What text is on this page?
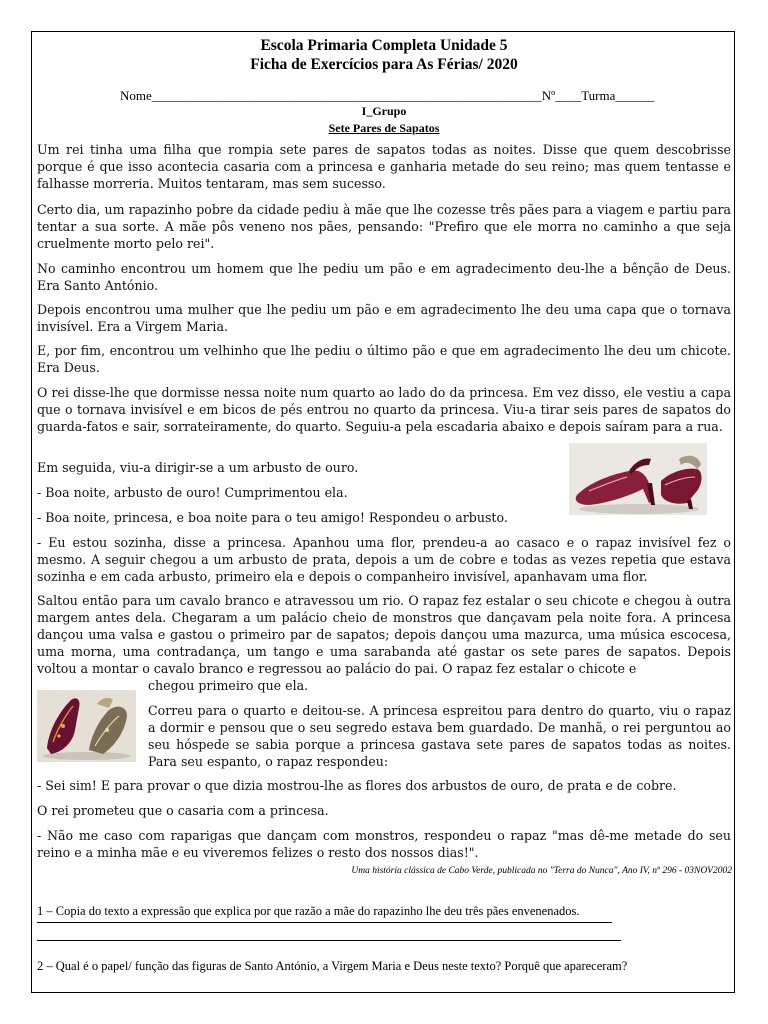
Escola Primaria Completa Unidade 5
Ficha de Exercícios para As Férias/ 2020
Nome____________________________________________________________Nº____Turma______
I_Grupo
Sete Pares de Sapatos

Um rei tinha uma filha que rompia sete pares de sapatos todas as noites. Disse que quem descobrisse porque é que isso acontecia casaria com a princesa e ganharia metade do seu reino; mas quem tentasse e falhasse morreria. Muitos tentaram, mas sem sucesso.

Certo dia, um rapazinho pobre da cidade pediu à mãe que lhe cozesse três pães para a viagem e partiu para tentar a sua sorte. A mãe pôs veneno nos pães, pensando: "Prefiro que ele morra no caminho a que seja cruelmente morto pelo rei".

No caminho encontrou um homem que lhe pediu um pão e em agradecimento deu-lhe a bênção de Deus. Era Santo António.

Depois encontrou uma mulher que lhe pediu um pão e em agradecimento lhe deu uma capa que o tornava invisível. Era a Virgem Maria.

E, por fim, encontrou um velhinho que lhe pediu o último pão e que em agradecimento lhe deu um chicote. Era Deus.

O rei disse-lhe que dormisse nessa noite num quarto ao lado do da princesa. Em vez disso, ele vestiu a capa que o tornava invisível e em bicos de pés entrou no quarto da princesa. Viu-a tirar seis pares de sapatos do guarda-fatos e sair, sorrateiramente, do quarto. Seguiu-a pela escadaria abaixo e depois saíram para a rua.

Em seguida, viu-a dirigir-se a um arbusto de ouro.

- Boa noite, arbusto de ouro! Cumprimentou ela.

- Boa noite, princesa, e boa noite para o teu amigo! Respondeu o arbusto.

- Eu estou sozinha, disse a princesa. Apanhou uma flor, prendeu-a ao casaco e o rapaz invisível fez o mesmo. A seguir chegou a um arbusto de prata, depois a um de cobre e todas as vezes repetia que estava sozinha e em cada arbusto, primeiro ela e depois o companheiro invisível, apanhavam uma flor.

Saltou então para um cavalo branco e atravessou um rio. O rapaz fez estalar o seu chicote e chegou à outra margem antes dela. Chegaram a um palácio cheio de monstros que dançavam pela noite fora. A princesa dançou uma valsa e gastou o primeiro par de sapatos; depois dançou uma mazurca, uma música escocesa, uma morna, uma contradança, um tango e uma sarabanda até gastar os sete pares de sapatos. Depois voltou a montar o cavalo branco e regressou ao palácio do pai. O rapaz fez estalar o chicote e

chegou primeiro que ela.

Correu para o quarto e deitou-se. A princesa espreitou para dentro do quarto, viu o rapaz a dormir e pensou que o seu segredo estava bem guardado. De manhã, o rei perguntou ao seu hóspede se sabia porque a princesa gastava sete pares de sapatos todas as noites. Para seu espanto, o rapaz respondeu:

- Sei sim! E para provar o que dizia mostrou-lhe as flores dos arbustos de ouro, de prata e de cobre.

O rei prometeu que o casaria com a princesa.

- Não me caso com raparigas que dançam com monstros, respondeu o rapaz "mas dê-me metade do seu reino e a minha mãe e eu viveremos felizes o resto dos nossos dias!".

Uma história clássica de Cabo Verde, publicada no "Terra do Nunca", Ano IV, nº 296 - 03NOV2002
1 – Copia do texto a expressão que explica por que razão a mãe do rapazinho lhe deu três pães envenenados.
2 – Qual é o papel/ função das figuras de Santo António, a Virgem Maria e Deus neste texto? Porquê que apareceram?
